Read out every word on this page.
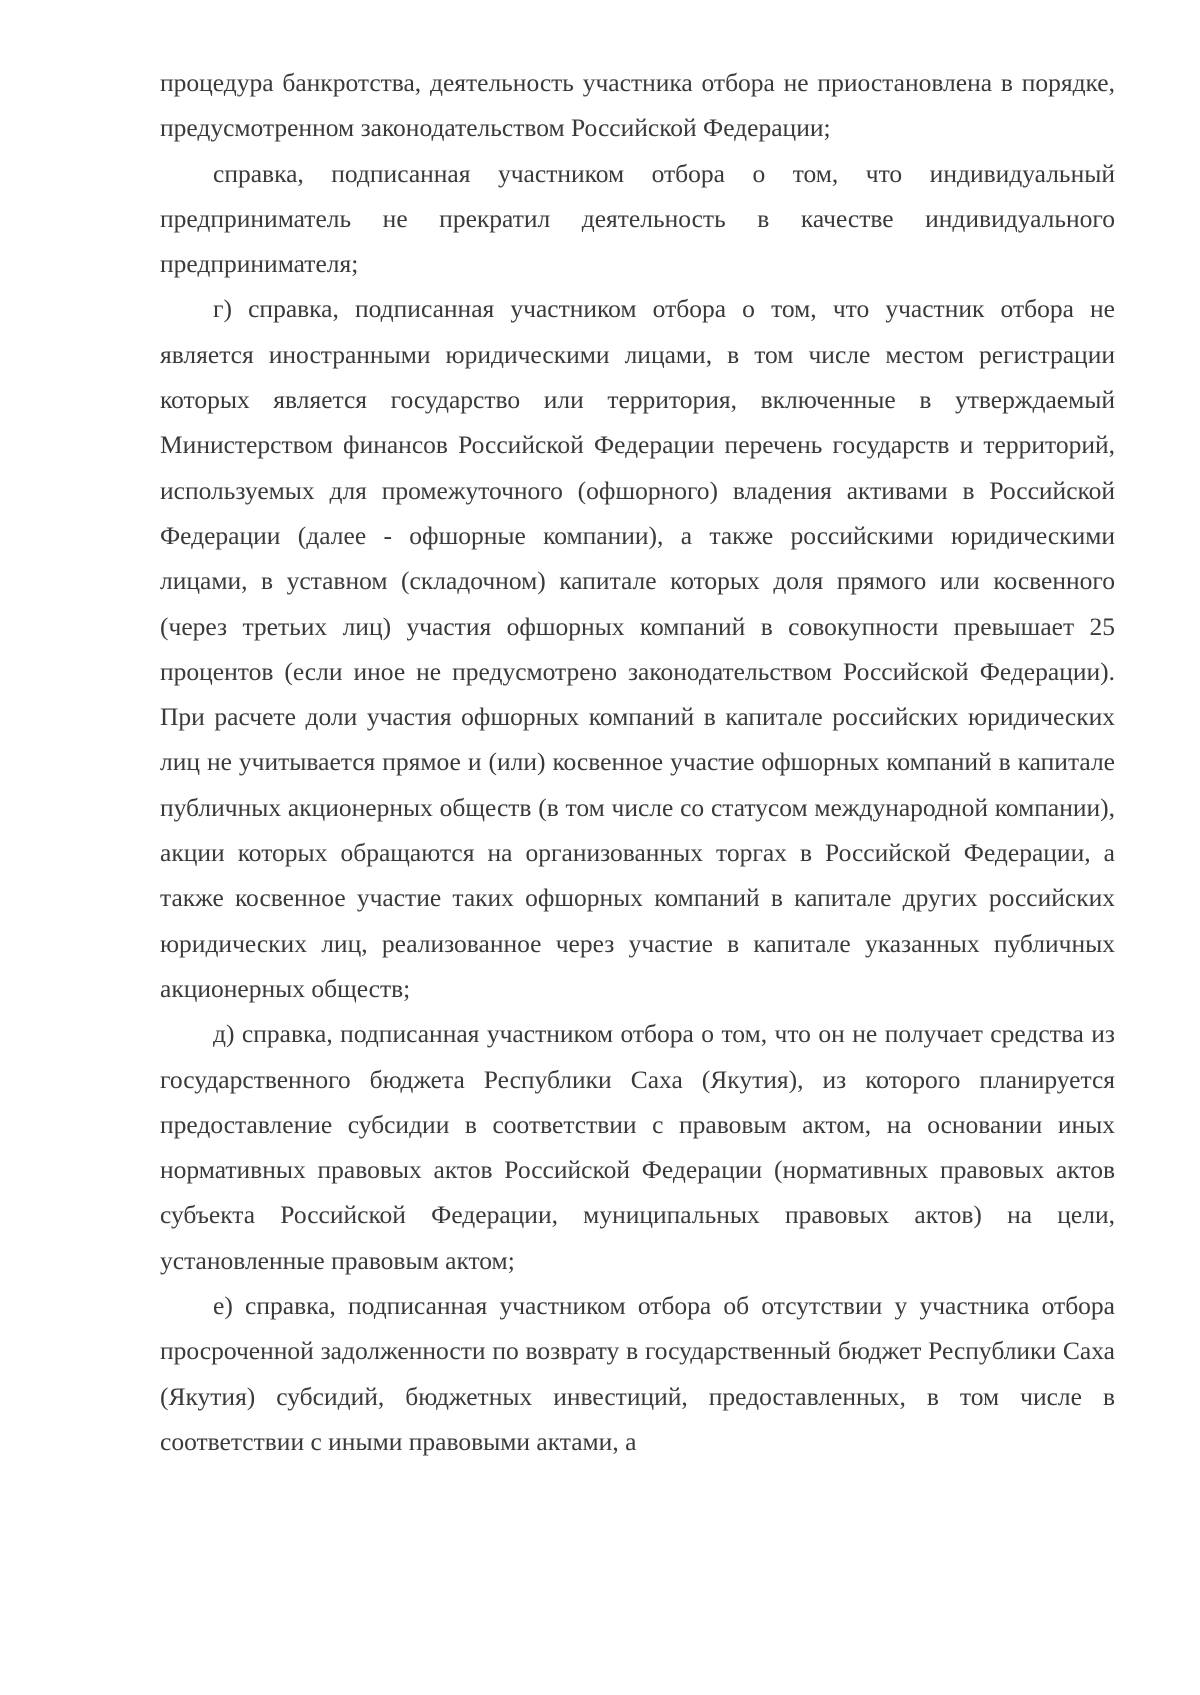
процедура банкротства, деятельность участника отбора не приостановлена в порядке, предусмотренном законодательством Российской Федерации;

справка, подписанная участником отбора о том, что индивидуальный предприниматель не прекратил деятельность в качестве индивидуального предпринимателя;

г) справка, подписанная участником отбора о том, что участник отбора не является иностранными юридическими лицами, в том числе местом регистрации которых является государство или территория, включенные в утверждаемый Министерством финансов Российской Федерации перечень государств и территорий, используемых для промежуточного (офшорного) владения активами в Российской Федерации (далее - офшорные компании), а также российскими юридическими лицами, в уставном (складочном) капитале которых доля прямого или косвенного (через третьих лиц) участия офшорных компаний в совокупности превышает 25 процентов (если иное не предусмотрено законодательством Российской Федерации). При расчете доли участия офшорных компаний в капитале российских юридических лиц не учитывается прямое и (или) косвенное участие офшорных компаний в капитале публичных акционерных обществ (в том числе со статусом международной компании), акции которых обращаются на организованных торгах в Российской Федерации, а также косвенное участие таких офшорных компаний в капитале других российских юридических лиц, реализованное через участие в капитале указанных публичных акционерных обществ;

д) справка, подписанная участником отбора о том, что он не получает средства из государственного бюджета Республики Саха (Якутия), из которого планируется предоставление субсидии в соответствии с правовым актом, на основании иных нормативных правовых актов Российской Федерации (нормативных правовых актов субъекта Российской Федерации, муниципальных правовых актов) на цели, установленные правовым актом;

е) справка, подписанная участником отбора об отсутствии у участника отбора просроченной задолженности по возврату в государственный бюджет Республики Саха (Якутия) субсидий, бюджетных инвестиций, предоставленных, в том числе в соответствии с иными правовыми актами, а
